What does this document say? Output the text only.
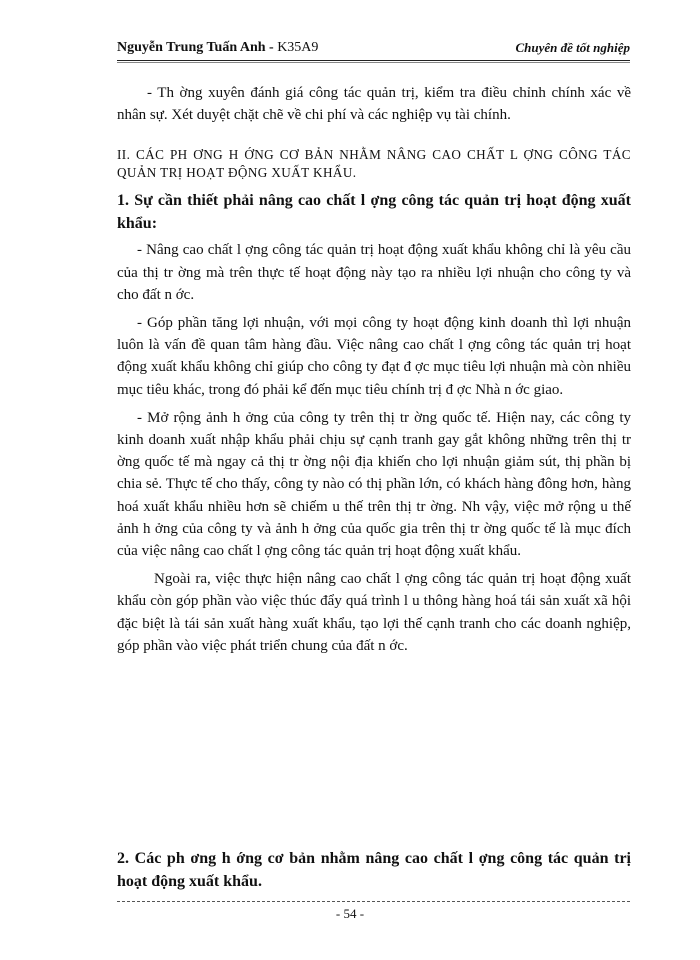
Nguyễn Trung Tuấn Anh - K35A9	Chuyên đề tốt nghiệp

- Th ờng xuyên đánh giá công tác quản trị, kiểm tra điều chỉnh chính xác về nhân sự. Xét duyệt chặt chẽ về chi phí và các nghiệp vụ tài chính.

II. CÁC PH ƠNG H ỚNG CƠ BẢN NHẰM NÂNG CAO CHẤT L ỢNG CÔNG TÁC QUẢN TRỊ HOẠT ĐỘNG XUẤT KHẨU.

1. Sự cần thiết phải nâng cao chất l ợng công tác quản trị hoạt động xuất khẩu:

- Nâng cao chất l ợng công tác quản trị hoạt động xuất khẩu không chỉ là yêu cầu của thị tr ờng mà trên thực tế hoạt động này tạo ra nhiều lợi nhuận cho công ty và cho đất n ớc.

- Góp phần tăng lợi nhuận, với mọi công ty hoạt động kinh doanh thì lợi nhuận luôn là vấn đề quan tâm hàng đầu. Việc nâng cao chất l ợng công tác quản trị hoạt động xuất khẩu không chỉ giúp cho công ty đạt đ ợc mục tiêu lợi nhuận mà còn nhiều mục tiêu khác, trong đó phải kể đến mục tiêu chính trị đ ợc Nhà n ớc giao.

- Mở rộng ảnh h ởng của công ty trên thị tr ờng quốc tế. Hiện nay, các công ty kinh doanh xuất nhập khẩu phải chịu sự cạnh tranh gay gắt không những trên thị tr ờng quốc tế mà ngay cả thị tr ờng nội địa khiến cho lợi nhuận giảm sút, thị phần bị chia sẻ. Thực tế cho thấy, công ty nào có thị phần lớn, có khách hàng đông hơn, hàng hoá xuất khẩu nhiều hơn sẽ chiếm u thế trên thị tr ờng. Nh vậy, việc mở rộng u thế ảnh h ởng của công ty và ảnh h ởng của quốc gia trên thị tr ờng quốc tế là mục đích của việc nâng cao chất l ợng công tác quản trị hoạt động xuất khẩu.

Ngoài ra, việc thực hiện nâng cao chất l ợng công tác quản trị hoạt động xuất khẩu còn góp phần vào việc thúc đẩy quá trình l u thông hàng hoá tái sản xuất xã hội đặc biệt là tái sản xuất hàng xuất khẩu, tạo lợi thế cạnh tranh cho các doanh nghiệp, góp phần vào việc phát triển chung của đất n ớc.

2. Các ph ơng h ớng cơ bản nhằm nâng cao chất l ợng công tác quản trị hoạt động xuất khẩu.

- 54 -
